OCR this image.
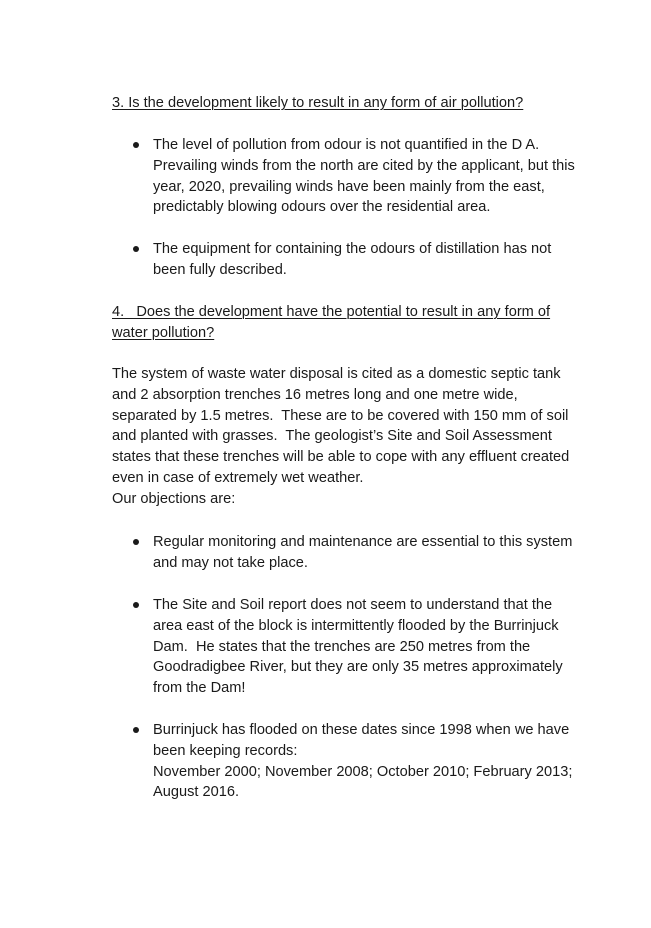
3. Is the development likely to result in any form of air pollution?
The level of pollution from odour is not quantified in the D A.
Prevailing winds from the north are cited by the applicant, but this
year, 2020, prevailing winds have been mainly from the east,
predictably blowing odours over the residential area.
The equipment for containing the odours of distillation has not
been fully described.
4.   Does the development have the potential to result in any form of
water pollution?
The system of waste water disposal is cited as a domestic septic tank
and 2 absorption trenches 16 metres long and one metre wide,
separated by 1.5 metres.  These are to be covered with 150 mm of soil
and planted with grasses.  The geologist’s Site and Soil Assessment
states that these trenches will be able to cope with any effluent created
even in case of extremely wet weather.
Our objections are:
Regular monitoring and maintenance are essential to this system
and may not take place.
The Site and Soil report does not seem to understand that the
area east of the block is intermittently flooded by the Burrinjuck
Dam.  He states that the trenches are 250 metres from the
Goodradigbee River, but they are only 35 metres approximately
from the Dam!
Burrinjuck has flooded on these dates since 1998 when we have
been keeping records:
November 2000; November 2008; October 2010; February 2013;
August 2016.
